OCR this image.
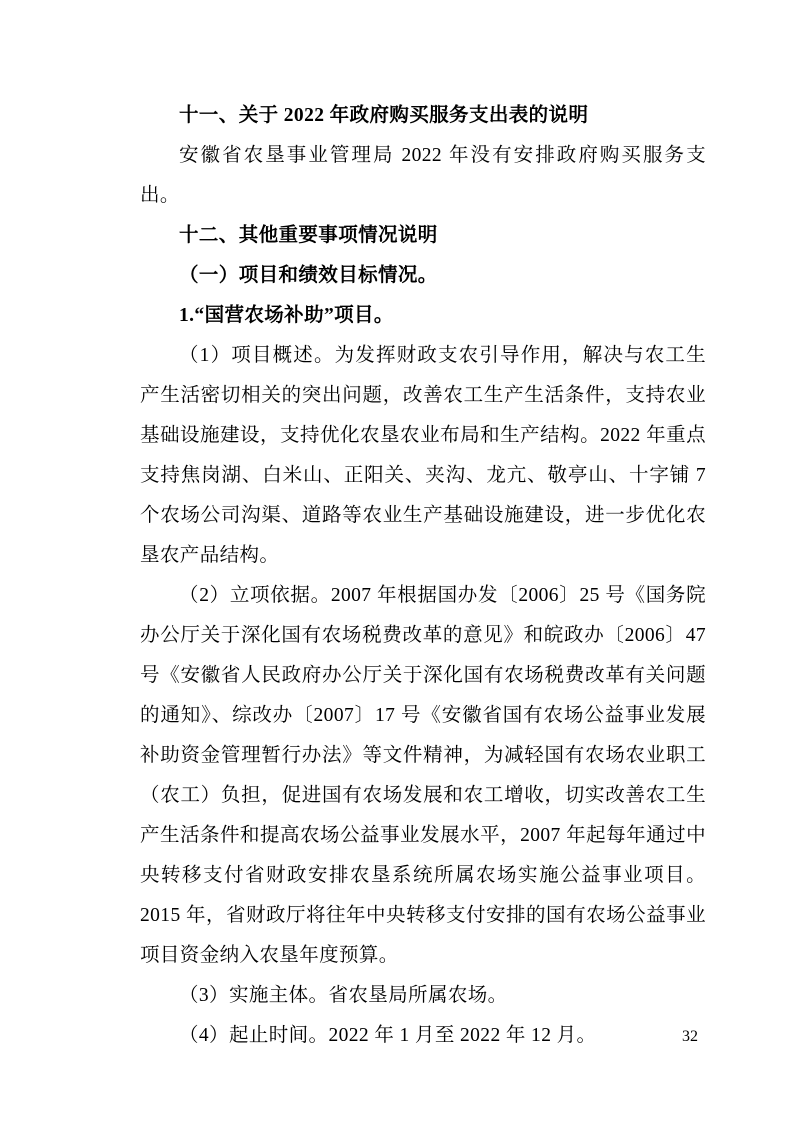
十一、关于 2022 年政府购买服务支出表的说明

安徽省农垦事业管理局 2022 年没有安排政府购买服务支出。

十二、其他重要事项情况说明

（一）项目和绩效目标情况。

1.“国营农场补助”项目。

（1）项目概述。为发挥财政支农引导作用，解决与农工生产生活密切相关的突出问题，改善农工生产生活条件，支持农业基础设施建设，支持优化农垦农业布局和生产结构。2022 年重点支持焦岗湖、白米山、正阳关、夹沟、龙亢、敬亭山、十字铺 7 个农场公司沟渠、道路等农业生产基础设施建设，进一步优化农垦农产品结构。

（2）立项依据。2007 年根据国办发〔2006〕25 号《国务院办公厅关于深化国有农场税费改革的意见》和皖政办〔2006〕47 号《安徽省人民政府办公厅关于深化国有农场税费改革有关问题的通知》、综改办〔2007〕17 号《安徽省国有农场公益事业发展补助资金管理暂行办法》等文件精神，为减轻国有农场农业职工（农工）负担，促进国有农场发展和农工增收，切实改善农工生产生活条件和提高农场公益事业发展水平，2007 年起每年通过中央转移支付省财政安排农垦系统所属农场实施公益事业项目。2015 年，省财政厅将往年中央转移支付安排的国有农场公益事业项目资金纳入农垦年度预算。

（3）实施主体。省农垦局所属农场。

（4）起止时间。2022 年 1 月至 2022 年 12 月。	32
